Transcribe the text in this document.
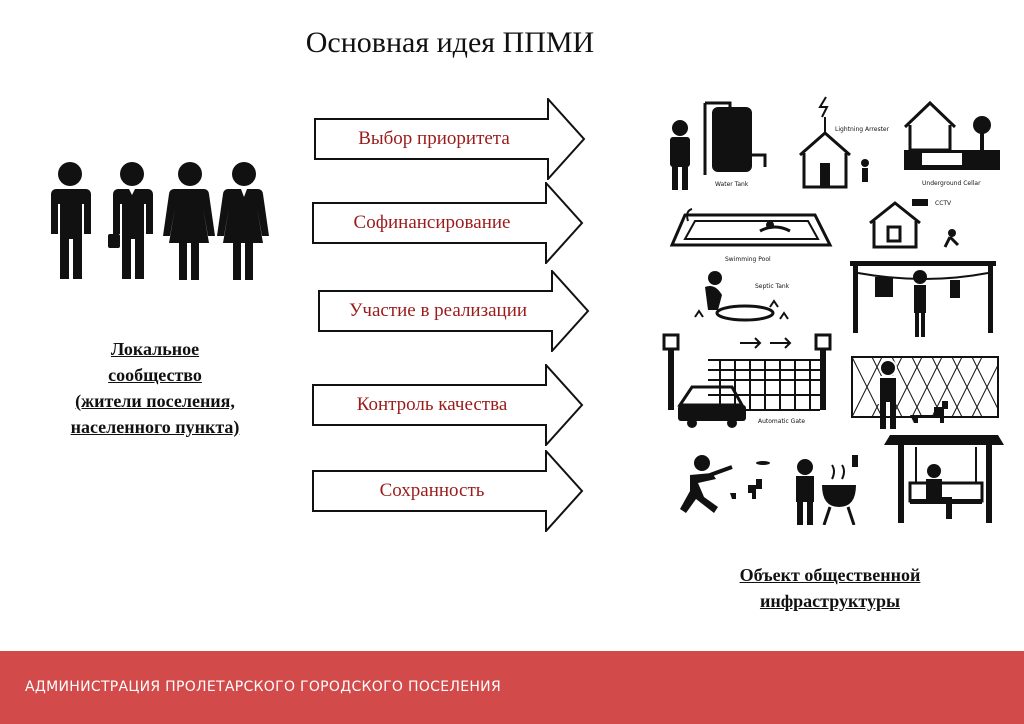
Основная идея ППМИ
Локальное
сообщество
(жители поселения,
населенного пункта)
Выбор приоритета
Софинансирование
Участие в реализации
Контроль качества
Сохранность
Water Tank
Lightning Arrester
Underground Cellar
Swimming Pool
CCTV
Septic Tank
Automatic Gate
Объект общественной
инфраструктуры
АДМИНИСТРАЦИЯ ПРОЛЕТАРСКОГО ГОРОДСКОГО ПОСЕЛЕНИЯ
